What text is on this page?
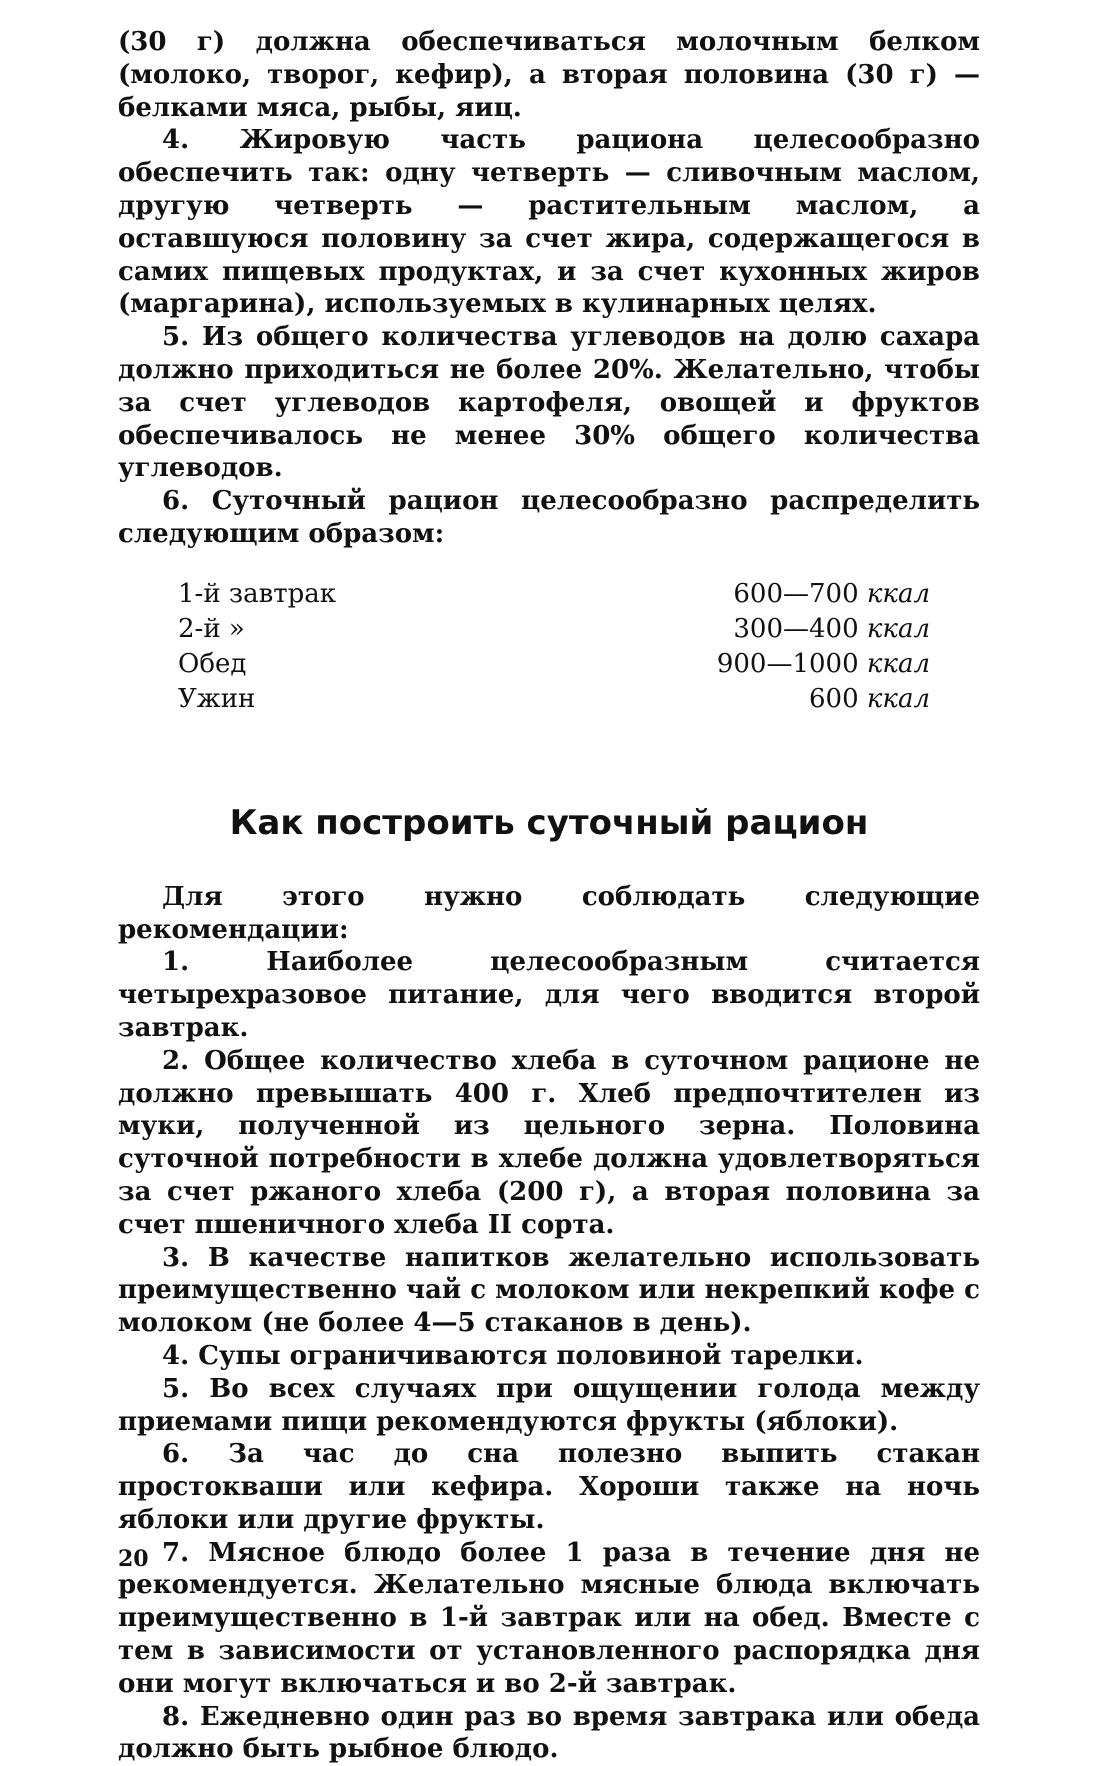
(30 г) должна обеспечиваться молочным белком (молоко, творог, кефир), а вторая половина (30 г) — белками мяса, рыбы, яиц.

4. Жировую часть рациона целесообразно обеспечить так: одну четверть — сливочным маслом, другую четверть — растительным маслом, а оставшуюся половину за счет жира, содержащегося в самих пищевых продуктах, и за счет кухонных жиров (маргарина), используемых в кулинарных целях.

5. Из общего количества углеводов на долю сахара должно приходиться не более 20%. Желательно, чтобы за счет углеводов картофеля, овощей и фруктов обеспечивалось не менее 30% общего количества углеводов.

6. Суточный рацион целесообразно распределить следующим образом:

1-й завтрак	600—700 ккал
2-й »	300—400 ккал
Обед	900—1000 ккал
Ужин	600 ккал
Как построить суточный рацион

Для этого нужно соблюдать следующие рекомендации:

1. Наиболее целесообразным считается четырехразовое питание, для чего вводится второй завтрак.

2. Общее количество хлеба в суточном рационе не должно превышать 400 г. Хлеб предпочтителен из муки, полученной из цельного зерна. Половина суточной потребности в хлебе должна удовлетворяться за счет ржаного хлеба (200 г), а вторая половина за счет пшеничного хлеба II сорта.

3. В качестве напитков желательно использовать преимущественно чай с молоком или некрепкий кофе с молоком (не более 4—5 стаканов в день).

4. Супы ограничиваются половиной тарелки.

5. Во всех случаях при ощущении голода между приемами пищи рекомендуются фрукты (яблоки).

6. За час до сна полезно выпить стакан простокваши или кефира. Хороши также на ночь яблоки или другие фрукты.

7. Мясное блюдо более 1 раза в течение дня не рекомендуется. Желательно мясные блюда включать преимущественно в 1-й завтрак или на обед. Вместе с тем в зависимости от установленного распорядка дня они могут включаться и во 2-й завтрак.

8. Ежедневно один раз во время завтрака или обеда должно быть рыбное блюдо.

20
